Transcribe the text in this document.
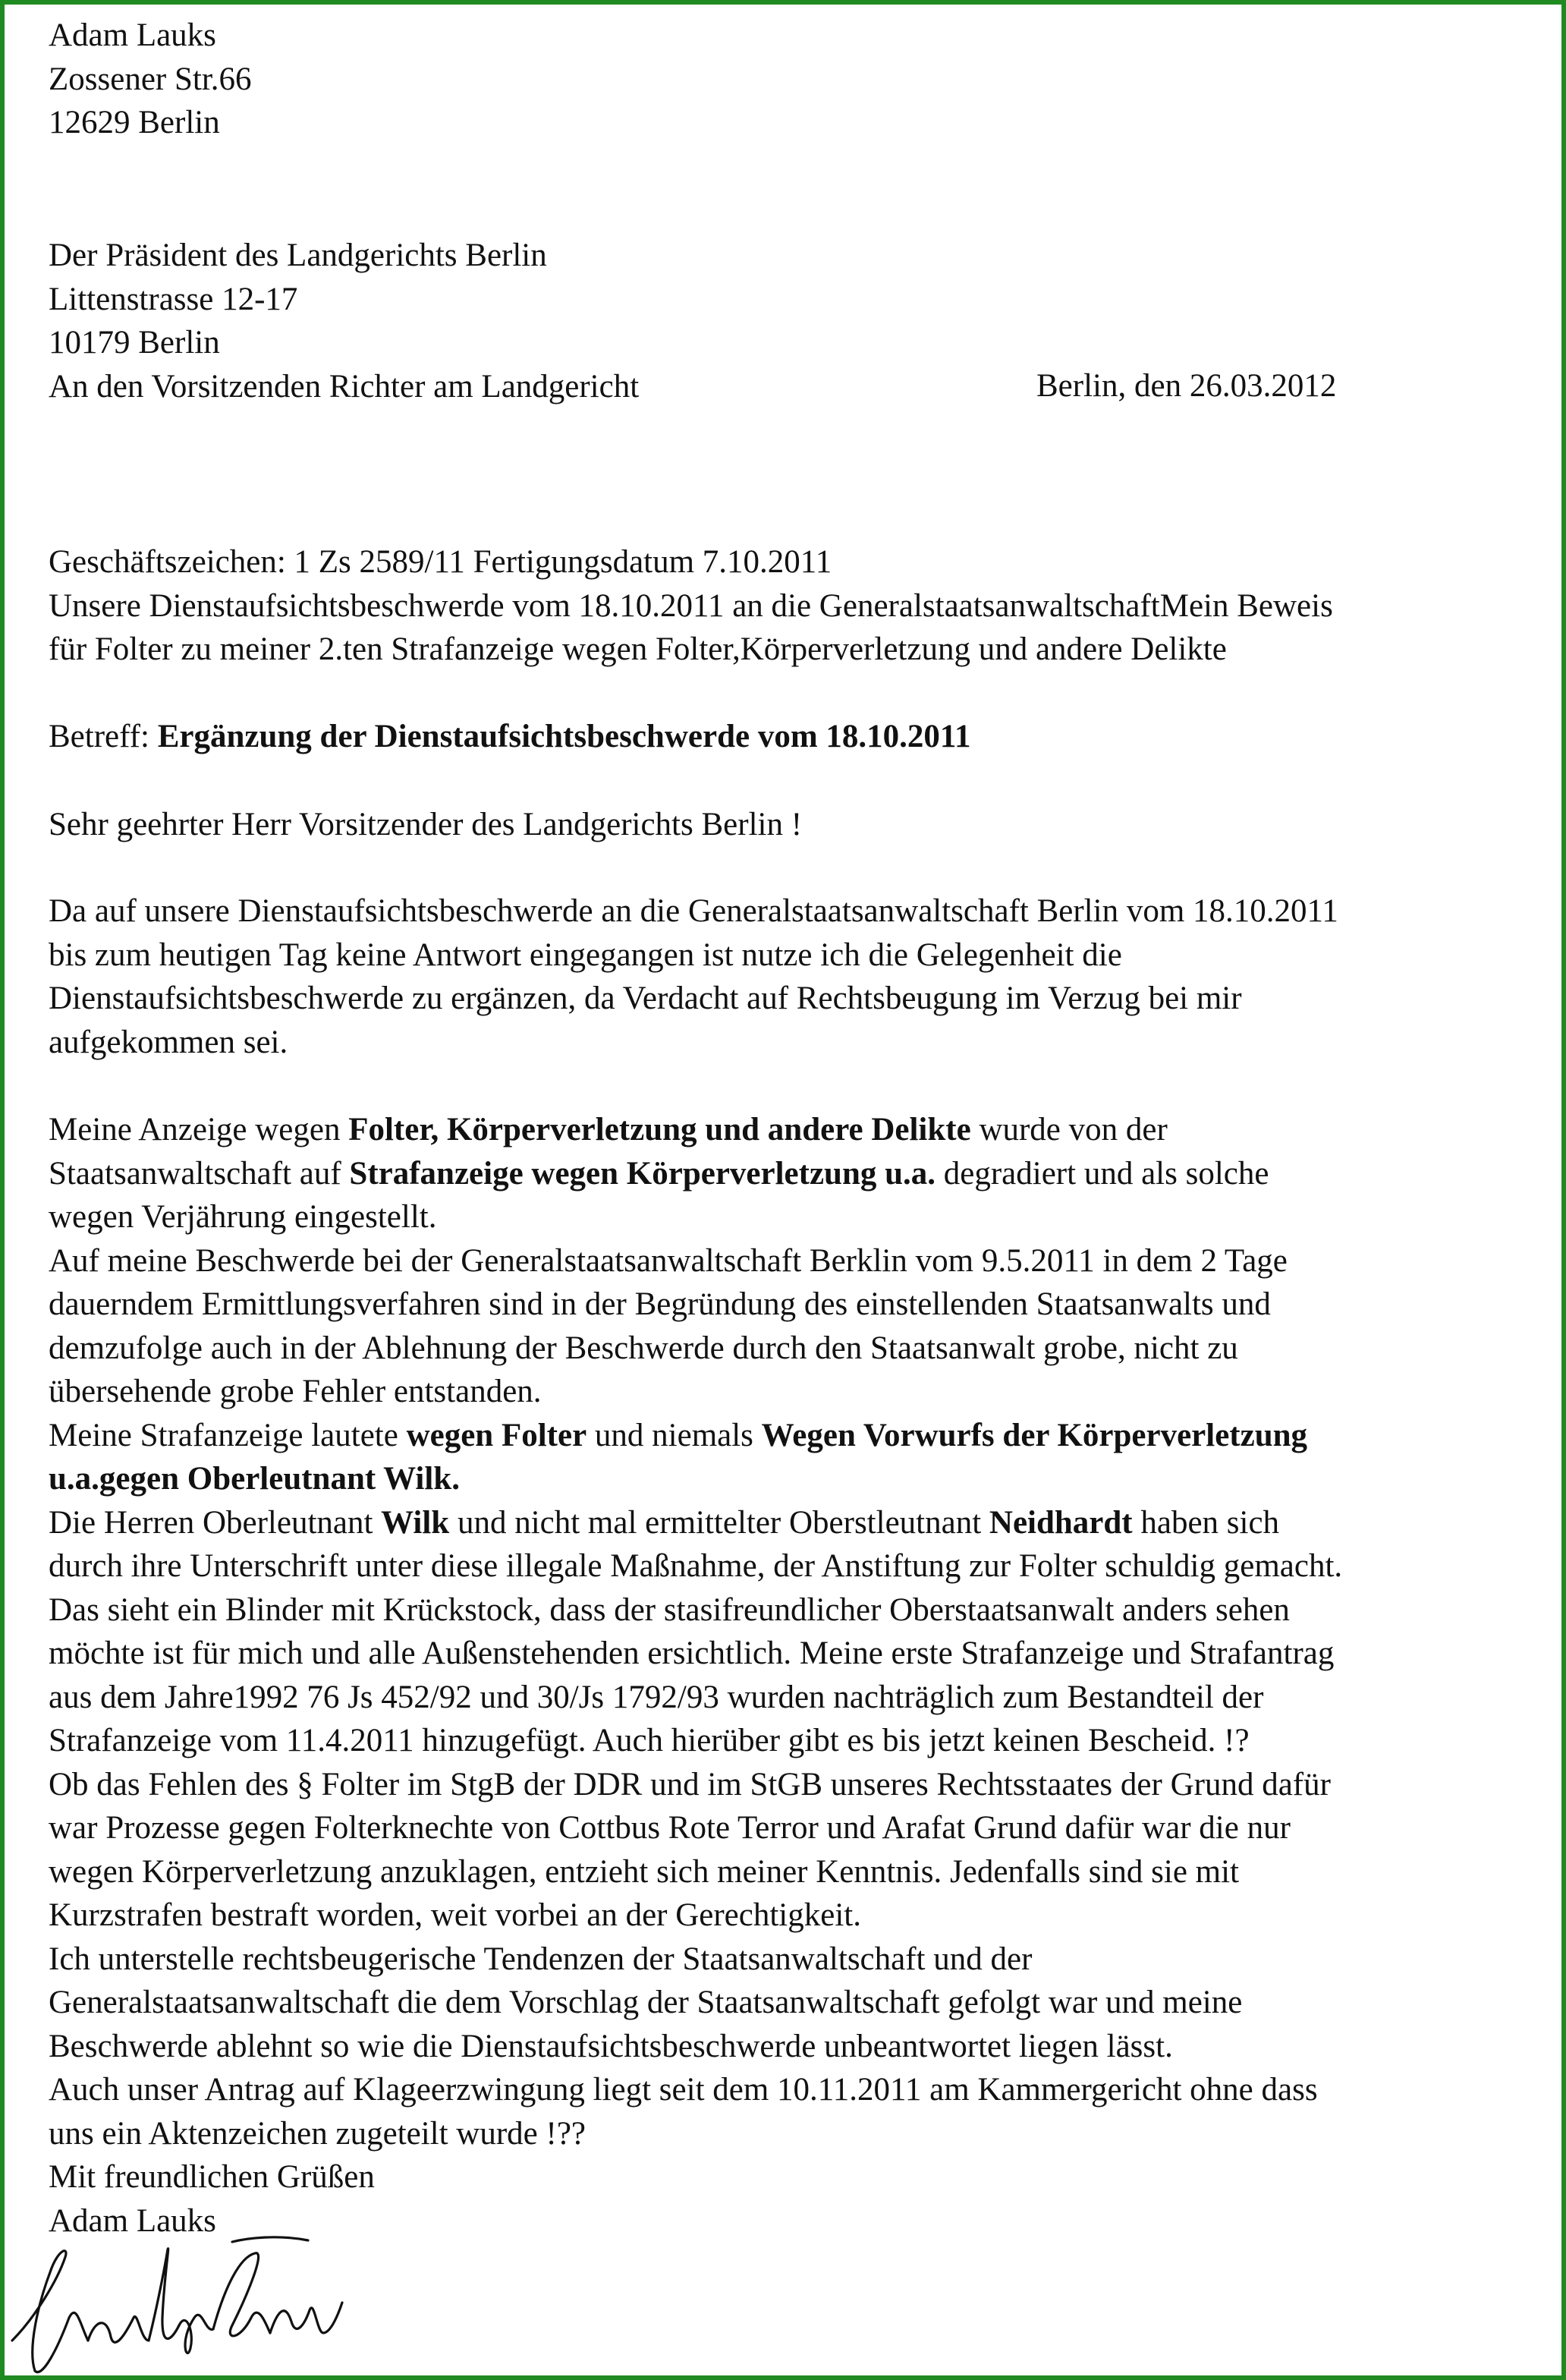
Adam Lauks
Zossener Str.66
12629 Berlin
Der Präsident des Landgerichts Berlin
Littenstrasse 12-17
10179 Berlin
An den Vorsitzenden Richter am Landgericht	Berlin, den 26.03.2012
Geschäftszeichen: 1 Zs 2589/11 Fertigungsdatum 7.10.2011
Unsere Dienstaufsichtsbeschwerde vom 18.10.2011 an die GeneralstaatsanwaltschaftMein Beweis
für Folter zu meiner 2.ten Strafanzeige wegen Folter,Körperverletzung und andere Delikte
Betreff: Ergänzung der Dienstaufsichtsbeschwerde vom 18.10.2011
Sehr geehrter Herr Vorsitzender des Landgerichts Berlin !
Da auf unsere Dienstaufsichtsbeschwerde an die Generalstaatsanwaltschaft Berlin vom 18.10.2011
bis zum heutigen Tag keine Antwort eingegangen ist nutze ich die Gelegenheit die
Dienstaufsichtsbeschwerde zu ergänzen, da Verdacht auf Rechtsbeugung im Verzug bei mir
aufgekommen sei.
Meine Anzeige wegen Folter, Körperverletzung und andere Delikte wurde von der
Staatsanwaltschaft auf Strafanzeige wegen Körperverletzung u.a. degradiert und als solche
wegen Verjährung eingestellt.
Auf meine Beschwerde bei der Generalstaatsanwaltschaft Berklin vom 9.5.2011 in dem 2 Tage
dauerndem Ermittlungsverfahren sind in der Begründung des einstellenden Staatsanwalts und
demzufolge auch in der Ablehnung der Beschwerde durch den Staatsanwalt grobe, nicht zu
übersehende grobe Fehler entstanden.
Meine Strafanzeige lautete wegen Folter und niemals Wegen Vorwurfs der Körperverletzung
u.a.gegen Oberleutnant Wilk.
Die Herren Oberleutnant Wilk und nicht mal ermittelter Oberstleutnant Neidhardt haben sich
durch ihre Unterschrift unter diese illegale Maßnahme, der Anstiftung zur Folter schuldig gemacht.
Das sieht ein Blinder mit Krückstock, dass der stasifreundlicher Oberstaatsanwalt anders sehen
möchte ist für mich und alle Außenstehenden ersichtlich. Meine erste Strafanzeige und Strafantrag
aus dem Jahre1992 76 Js 452/92 und 30/Js 1792/93 wurden nachträglich zum Bestandteil der
Strafanzeige vom 11.4.2011 hinzugefügt. Auch hierüber gibt es bis jetzt keinen Bescheid. !?
Ob das Fehlen des § Folter im StgB der DDR und im StGB unseres Rechtsstaates der Grund dafür
war Prozesse gegen Folterknechte von Cottbus Rote Terror und Arafat Grund dafür war die nur
wegen Körperverletzung anzuklagen, entzieht sich meiner Kenntnis. Jedenfalls sind sie mit
Kurzstrafen bestraft worden, weit vorbei an der Gerechtigkeit.
Ich unterstelle rechtsbeugerische Tendenzen der Staatsanwaltschaft und der
Generalstaatsanwaltschaft die dem Vorschlag der Staatsanwaltschaft gefolgt war und meine
Beschwerde ablehnt so wie die Dienstaufsichtsbeschwerde unbeantwortet liegen lässt.
Auch unser Antrag auf Klageerzwingung liegt seit dem 10.11.2011 am Kammergericht ohne dass
uns ein Aktenzeichen zugeteilt wurde !??
Mit freundlichen Grüßen
Adam Lauks
